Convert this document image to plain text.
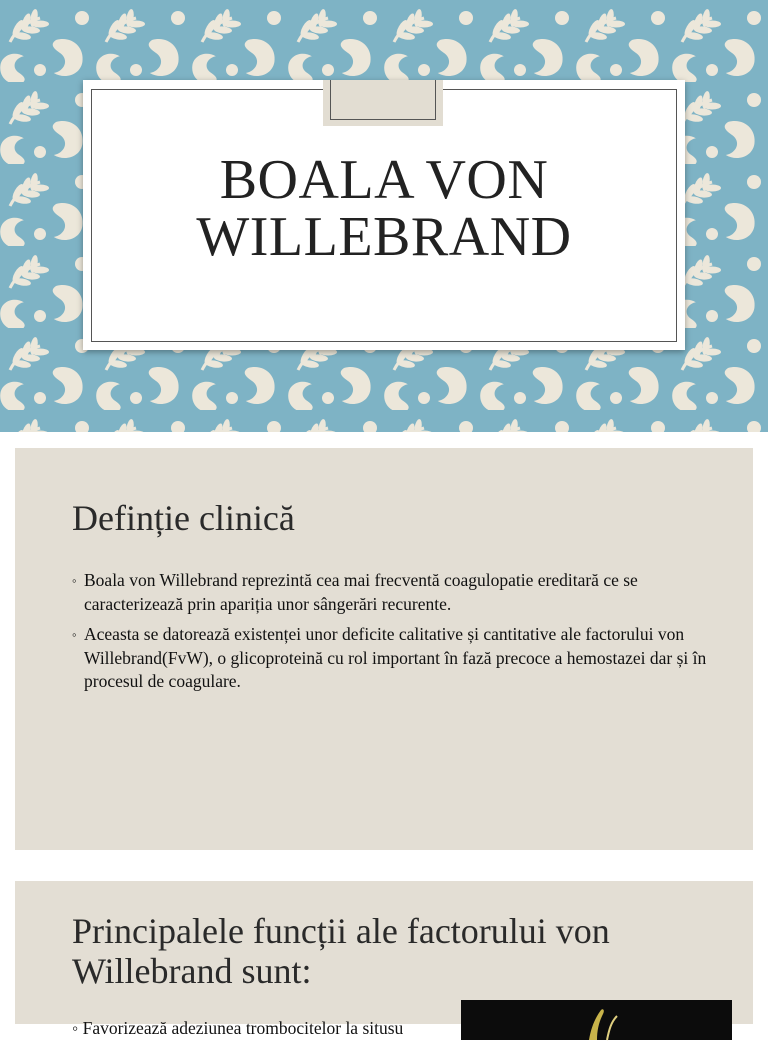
BOALA VON WILLEBRAND
Definție clinică
◦ Boala von Willebrand reprezintă cea mai frecventă coagulopatie ereditară ce se caracterizează prin apariția unor sângerări recurente.
◦ Aceasta se datorează existenței unor deficite calitative și cantitative ale factorului von Willebrand(FvW), o glicoproteină cu rol important în fază precoce a hemostazei dar și în procesul de coagulare.
Principalele funcții ale factorului von Willebrand sunt:
◦ Favorizează adeziunea trombocitelor la situsu
